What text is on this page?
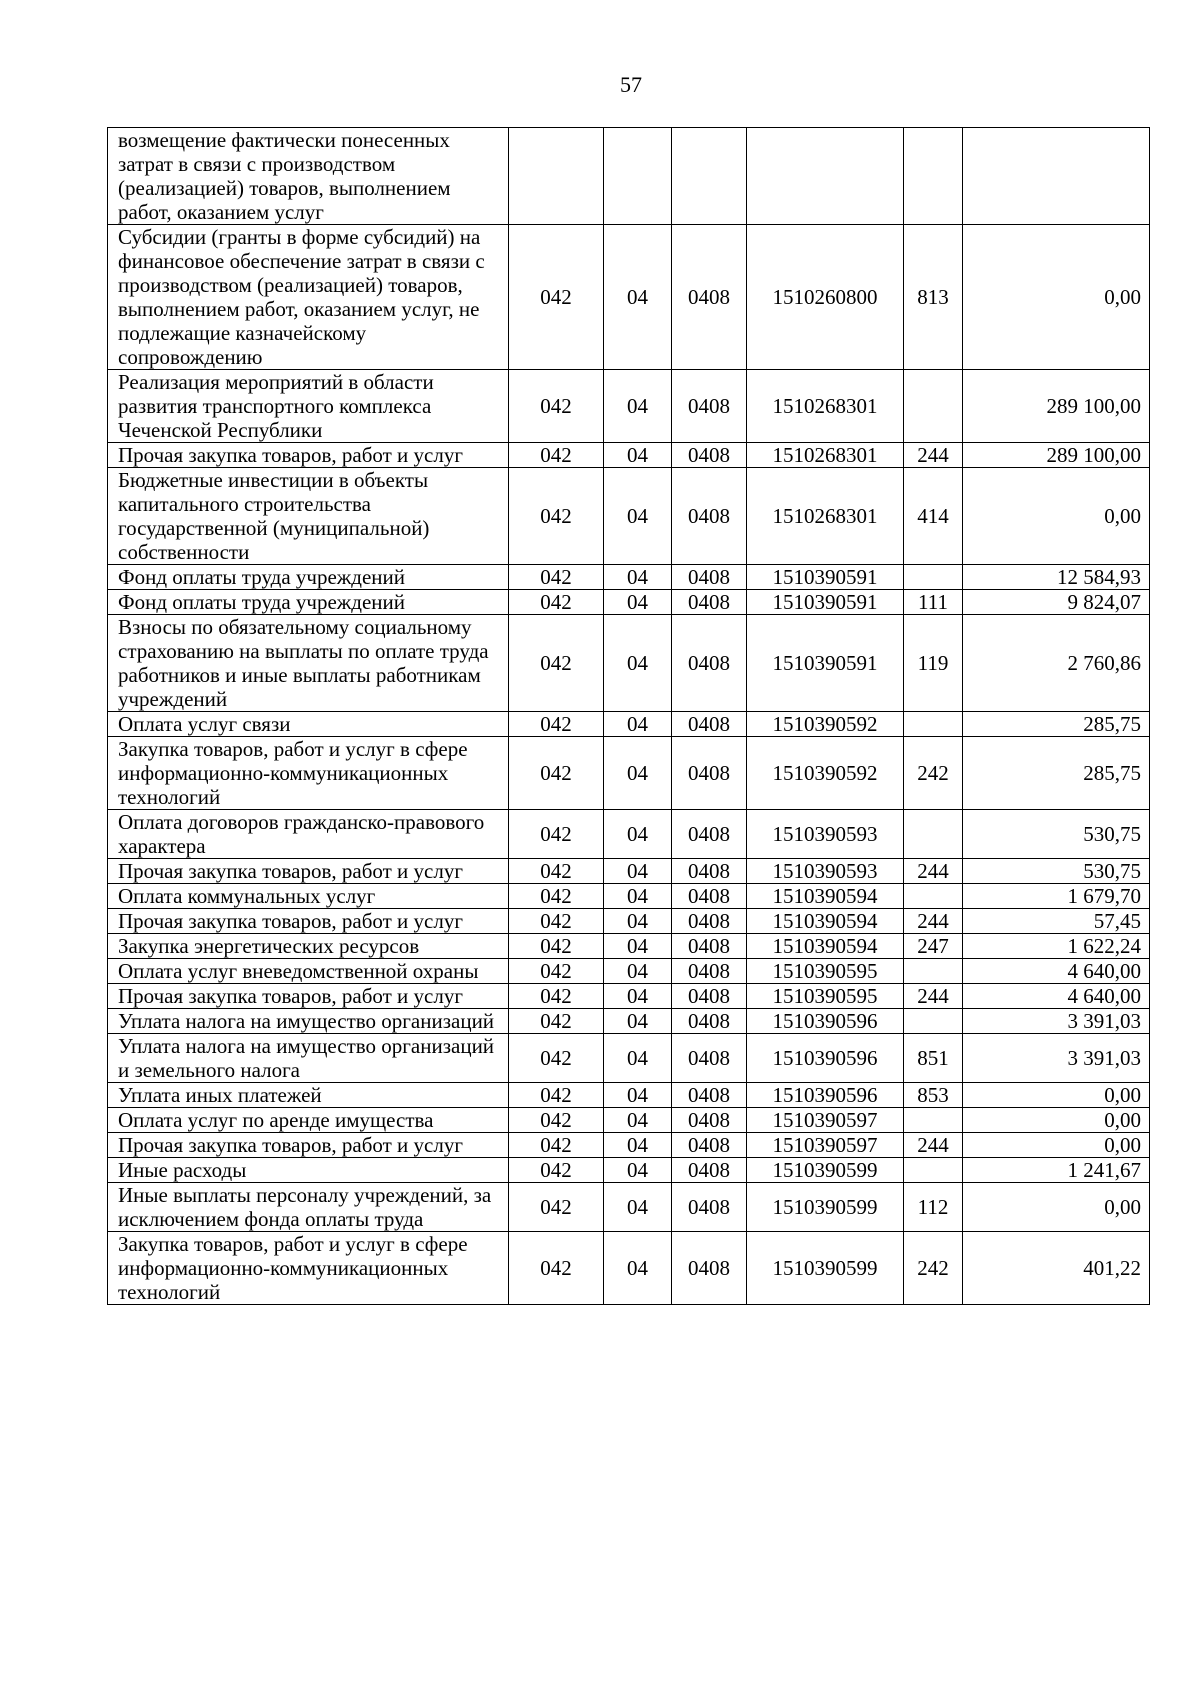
57
возмещение фактически понесенных затрат в связи с производством (реализацией) товаров, выполнением работ, оказанием услуг						
Субсидии (гранты в форме субсидий) на финансовое обеспечение затрат в связи с производством (реализацией) товаров, выполнением работ, оказанием услуг, не подлежащие казначейскому сопровождению	042	04	0408	1510260800	813	0,00
Реализация мероприятий в области развития транспортного комплекса Чеченской Республики	042	04	0408	1510268301		289 100,00
Прочая закупка товаров, работ и услуг	042	04	0408	1510268301	244	289 100,00
Бюджетные инвестиции в объекты капитального строительства государственной (муниципальной) собственности	042	04	0408	1510268301	414	0,00
Фонд оплаты труда учреждений	042	04	0408	1510390591		12 584,93
Фонд оплаты труда учреждений	042	04	0408	1510390591	111	9 824,07
Взносы по обязательному социальному страхованию на выплаты по оплате труда работников и иные выплаты работникам учреждений	042	04	0408	1510390591	119	2 760,86
Оплата услуг связи	042	04	0408	1510390592		285,75
Закупка товаров, работ и услуг в сфере информационно-коммуникационных технологий	042	04	0408	1510390592	242	285,75
Оплата договоров гражданско-правового характера	042	04	0408	1510390593		530,75
Прочая закупка товаров, работ и услуг	042	04	0408	1510390593	244	530,75
Оплата коммунальных услуг	042	04	0408	1510390594		1 679,70
Прочая закупка товаров, работ и услуг	042	04	0408	1510390594	244	57,45
Закупка энергетических ресурсов	042	04	0408	1510390594	247	1 622,24
Оплата услуг вневедомственной охраны	042	04	0408	1510390595		4 640,00
Прочая закупка товаров, работ и услуг	042	04	0408	1510390595	244	4 640,00
Уплата налога на имущество организаций	042	04	0408	1510390596		3 391,03
Уплата налога на имущество организаций и земельного налога	042	04	0408	1510390596	851	3 391,03
Уплата иных платежей	042	04	0408	1510390596	853	0,00
Оплата услуг по аренде имущества	042	04	0408	1510390597		0,00
Прочая закупка товаров, работ и услуг	042	04	0408	1510390597	244	0,00
Иные расходы	042	04	0408	1510390599		1 241,67
Иные выплаты персоналу учреждений, за исключением фонда оплаты труда	042	04	0408	1510390599	112	0,00
Закупка товаров, работ и услуг в сфере информационно-коммуникационных технологий	042	04	0408	1510390599	242	401,22
